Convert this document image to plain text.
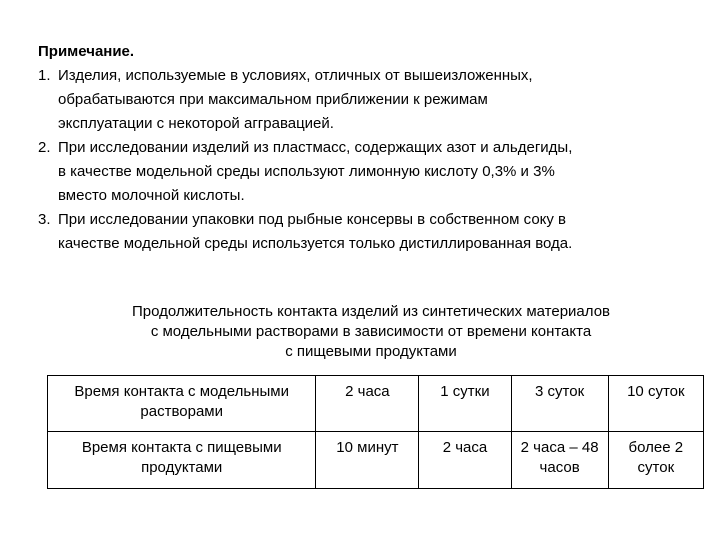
Примечание.

1. Изделия, используемые в условиях, отличных от вышеизложенных,
обрабатываются при максимальном приближении к режимам
эксплуатации с некоторой аггравацией.

2. При исследовании изделий из пластмасс, содержащих азот и альдегиды,
в качестве модельной среды используют лимонную кислоту 0,3% и 3%
вместо молочной кислоты.

3. При исследовании упаковки под рыбные консервы в собственном соку в
качестве модельной среды используется только дистиллированная вода.

Продолжительность контакта изделий из синтетических материалов
с модельными растворами в зависимости от времени контакта
с пищевыми продуктами
Время контакта с модельными растворами	2 часа	1 сутки	3 суток	10 суток
Время контакта с пищевыми продуктами	10 минут	2 часа	2 часа – 48 часов	более 2 суток
